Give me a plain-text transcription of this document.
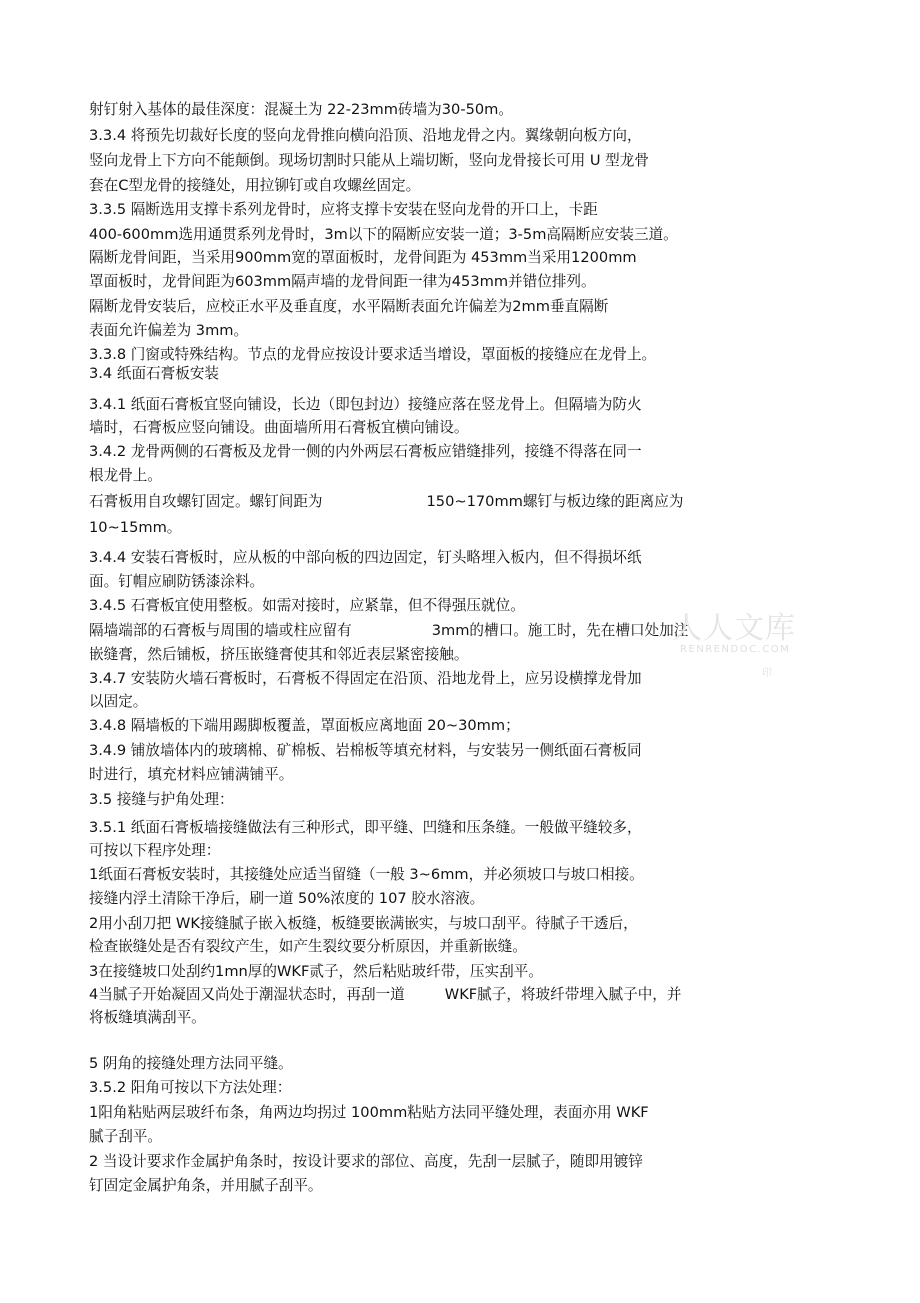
射钉射入基体的最佳深度：混凝土为 22-23mm砖墙为30-50m。

3.3.4 将预先切裁好长度的竖向龙骨推向横向沿顶、沿地龙骨之内。翼缘朝向板方向，

竖向龙骨上下方向不能颠倒。现场切割时只能从上端切断，竖向龙骨接长可用 U 型龙骨

套在C型龙骨的接缝处，用拉铆钉或自攻螺丝固定。

3.3.5 隔断选用支撑卡系列龙骨时，应将支撑卡安装在竖向龙骨的开口上，卡距

400-600mm选用通贯系列龙骨时，3m以下的隔断应安装一道；3-5m高隔断应安装三道。

隔断龙骨间距，当采用900mm宽的罩面板时，龙骨间距为 453mm当采用1200mm

罩面板时，龙骨间距为603mm隔声墙的龙骨间距一律为453mm并错位排列。

隔断龙骨安装后，应校正水平及垂直度，水平隔断表面允许偏差为2mm垂直隔断

表面允许偏差为 3mm。

3.3.8 门窗或特殊结构。节点的龙骨应按设计要求适当增设，罩面板的接缝应在龙骨上。

3.4 纸面石膏板安装

3.4.1 纸面石膏板宜竖向铺设，长边（即包封边）接缝应落在竖龙骨上。但隔墙为防火

墙时，石膏板应竖向铺设。曲面墙所用石膏板宜横向铺设。

3.4.2 龙骨两侧的石膏板及龙骨一侧的内外两层石膏板应错缝排列，接缝不得落在同一

根龙骨上。

石膏板用自攻螺钉固定。螺钉间距为	150~170mm螺钉与板边缘的距离应为

10~15mm。

3.4.4 安装石膏板时，应从板的中部向板的四边固定，钉头略埋入板内，但不得损坏纸

面。钉帽应刷防锈漆涂料。

3.4.5 石膏板宜使用整板。如需对接时，应紧靠，但不得强压就位。

隔墙端部的石膏板与周围的墙或柱应留有	3mm的槽口。施工时，先在槽口处加注

嵌缝膏，然后铺板，挤压嵌缝膏使其和邻近表层紧密接触。

3.4.7 安装防火墙石膏板时，石膏板不得固定在沿顶、沿地龙骨上，应另设横撑龙骨加

以固定。

3.4.8 隔墙板的下端用踢脚板覆盖，罩面板应离地面 20~30mm；

3.4.9 铺放墙体内的玻璃棉、矿棉板、岩棉板等填充材料，与安装另一侧纸面石膏板同

时进行，填充材料应铺满铺平。

3.5 接缝与护角处理：

3.5.1 纸面石膏板墙接缝做法有三种形式，即平缝、凹缝和压条缝。一般做平缝较多，

可按以下程序处理：

1纸面石膏板安装时，其接缝处应适当留缝（一般 3~6mm，并必须坡口与坡口相接。

接缝内浮土清除干净后，刷一道 50%浓度的 107 胶水溶液。

2用小刮刀把 WK接缝腻子嵌入板缝，板缝要嵌满嵌实，与坡口刮平。待腻子干透后，

检查嵌缝处是否有裂纹产生，如产生裂纹要分析原因，并重新嵌缝。

3在接缝坡口处刮约1mn厚的WKF贰子，然后粘贴玻纤带，压实刮平。

4当腻子开始凝固又尚处于潮湿状态时，再刮一道	WKF腻子，将玻纤带埋入腻子中，并

将板缝填满刮平。

5 阴角的接缝处理方法同平缝。

3.5.2 阳角可按以下方法处理：

1阳角粘贴两层玻纤布条，角两边均拐过 100mm粘贴方法同平缝处理，表面亦用 WKF

腻子刮平。

2 当设计要求作金属护角条时，按设计要求的部位、高度，先刮一层腻子，随即用镀锌

钉固定金属护角条，并用腻子刮平。

人人文库
RENRENDOC.COM
印
